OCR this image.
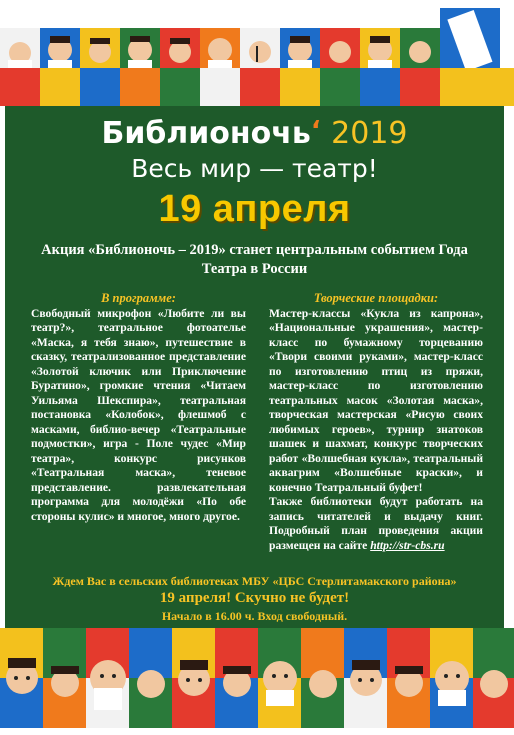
Библионочь‘ 2019
Весь мир — театр!
19 апреля
Акция «Библионочь – 2019» станет центральным событием Года Театра в России
В программе:

Свободный микрофон «Любите ли вы театр?», театральное фотоателье «Маска, я тебя знаю», путешествие в сказку, театрализованное представление «Золотой ключик или Приключение Буратино», громкие чтения «Читаем Уильяма Шекспира», театральная постановка «Колобок», флешмоб с масками, библио-вечер «Театральные подмостки», игра - Поле чудес «Мир театра», конкурс рисунков «Театральная маска», теневое представление. развлекательная программа для молодёжи «По обе стороны кулис» и многое, много другое.

Творческие площадки:

Мастер-классы «Кукла из капрона», «Национальные украшения», мастер-класс по бумажному торцеванию «Твори своими руками», мастер-класс по изготовлению птиц из пряжи, мастер-класс по изготовлению театральных масок «Золотая маска», творческая мастерская «Рисую своих любимых героев», турнир знатоков шашек и шахмат, конкурс творческих работ «Волшебная кукла», театральный аквагрим «Волшебные краски», и конечно Театральный буфет!

Также библиотеки будут работать на запись читателей и выдачу книг. Подробный план проведения акции размещен на сайте http://str-cbs.ru

Ждем Вас в сельских библиотеках МБУ «ЦБС Стерлитамакского района»
19 апреля! Скучно не будет!
Начало в 16.00 ч. Вход свободный.
